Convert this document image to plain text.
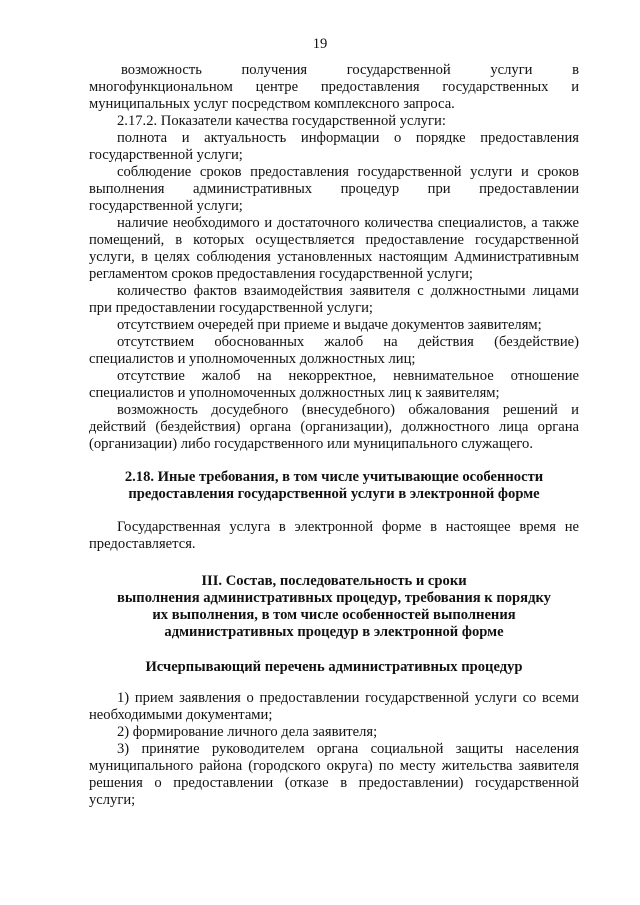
19

возможность получения государственной услуги в многофункциональном центре предоставления государственных и муниципальных услуг посредством комплексного запроса.

2.17.2. Показатели качества государственной услуги:

полнота и актуальность информации о порядке предоставления государственной услуги;

соблюдение сроков предоставления государственной услуги и сроков выполнения административных процедур при предоставлении государственной услуги;

наличие необходимого и достаточного количества специалистов, а также помещений, в которых осуществляется предоставление государственной услуги, в целях соблюдения установленных настоящим Административным регламентом сроков предоставления государственной услуги;

количество фактов взаимодействия заявителя с должностными лицами при предоставлении государственной услуги;

отсутствием очередей при приеме и выдаче документов заявителям;

отсутствием обоснованных жалоб на действия (бездействие) специалистов и уполномоченных должностных лиц;

отсутствие жалоб на некорректное, невнимательное отношение специалистов и уполномоченных должностных лиц к заявителям;

возможность досудебного (внесудебного) обжалования решений и действий (бездействия) органа (организации), должностного лица органа (организации) либо государственного или муниципального служащего.

2.18. Иные требования, в том числе учитывающие особенности

предоставления государственной услуги в электронной форме

Государственная услуга в электронной форме в настоящее время не предоставляется.

III. Состав, последовательность и сроки

выполнения административных процедур, требования к порядку

их выполнения, в том числе особенностей выполнения

административных процедур в электронной форме

Исчерпывающий перечень административных процедур

1) прием заявления о предоставлении государственной услуги со всеми необходимыми документами;

2) формирование личного дела заявителя;

3) принятие руководителем органа социальной защиты населения муниципального района (городского округа) по месту жительства заявителя решения о предоставлении (отказе в предоставлении) государственной услуги;
